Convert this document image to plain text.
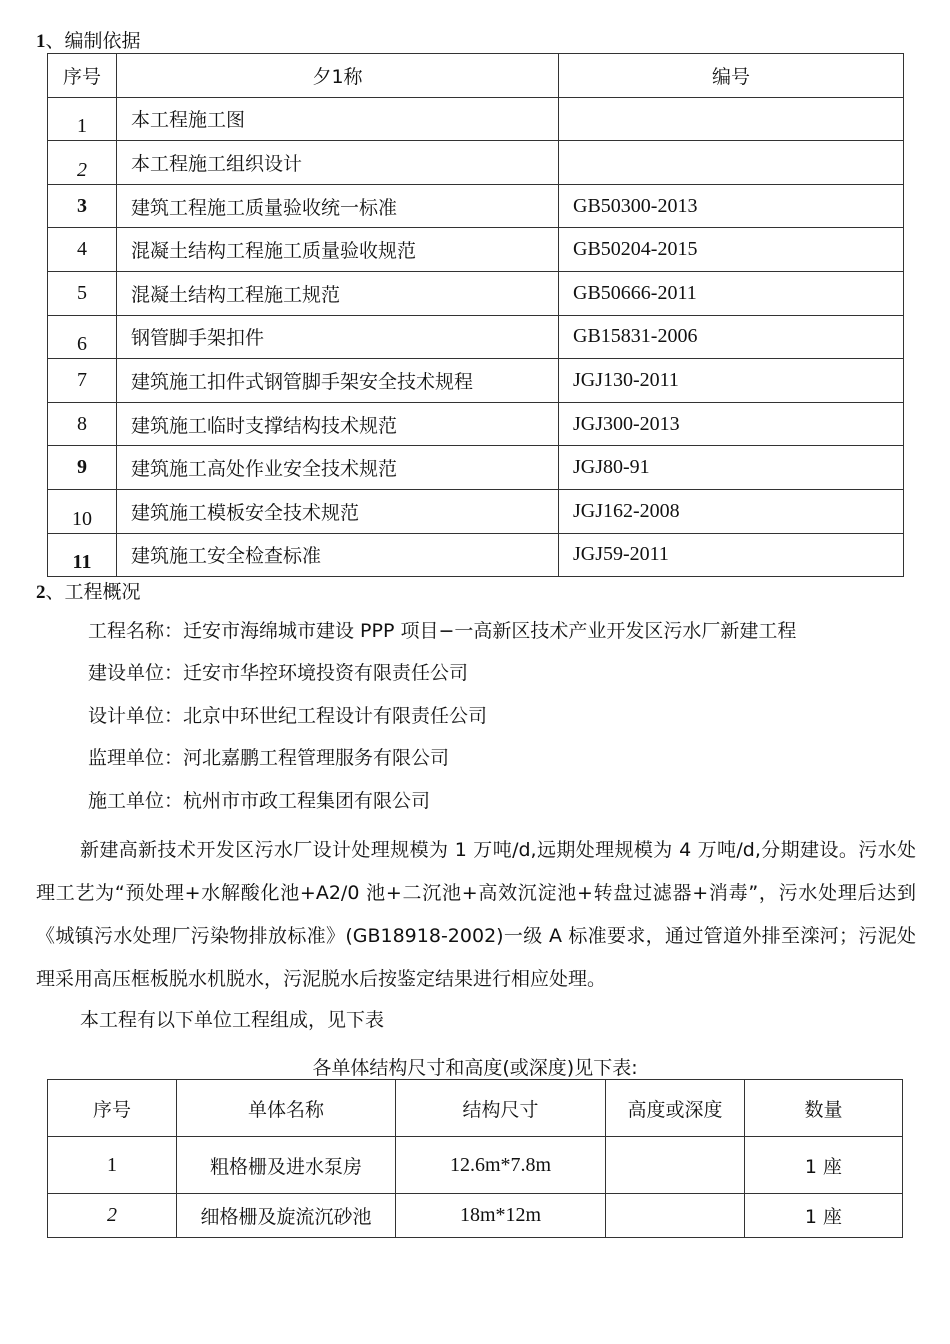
1、编制依据
序号	夕1称	编号
1	本工程施工图	
2	本工程施工组织设计	
3	建筑工程施工质量验收统一标准	GB50300-2013
4	混凝土结构工程施工质量验收规范	GB50204-2015
5	混凝土结构工程施工规范	GB50666-2011
6	钢管脚手架扣件	GB15831-2006
7	建筑施工扣件式钢管脚手架安全技术规程	JGJ130-2011
8	建筑施工临时支撑结构技术规范	JGJ300-2013
9	建筑施工高处作业安全技术规范	JGJ80-91
10	建筑施工模板安全技术规范	JGJ162-2008
11	建筑施工安全检查标准	JGJ59-2011
2、工程概况
工程名称：迁安市海绵城市建设 PPP 项目−一高新区技术产业开发区污水厂新建工程
建设单位：迁安市华控环境投资有限责任公司
设计单位：北京中环世纪工程设计有限责任公司
监理单位：河北嘉鹏工程管理服务有限公司
施工单位：杭州市市政工程集团有限公司
新建高新技术开发区污水厂设计处理规模为 1 万吨/d,远期处理规模为 4 万吨/d,分期建设。污水处理工艺为“预处理+水解酸化池+A2/0 池+二沉池+高效沉淀池+转盘过滤器+消毒”，污水处理后达到《城镇污水处理厂污染物排放标准》(GB18918-2002)一级 A 标准要求，通过管道外排至滦河；污泥处理采用高压框板脱水机脱水，污泥脱水后按鉴定结果进行相应处理。
本工程有以下单位工程组成，见下表
各单体结构尺寸和高度(或深度)见下表:
序号	单体名称	结构尺寸	高度或深度	数量
1	粗格栅及进水泵房	12.6m*7.8m		1 座
2	细格栅及旋流沉砂池	18m*12m		1 座
